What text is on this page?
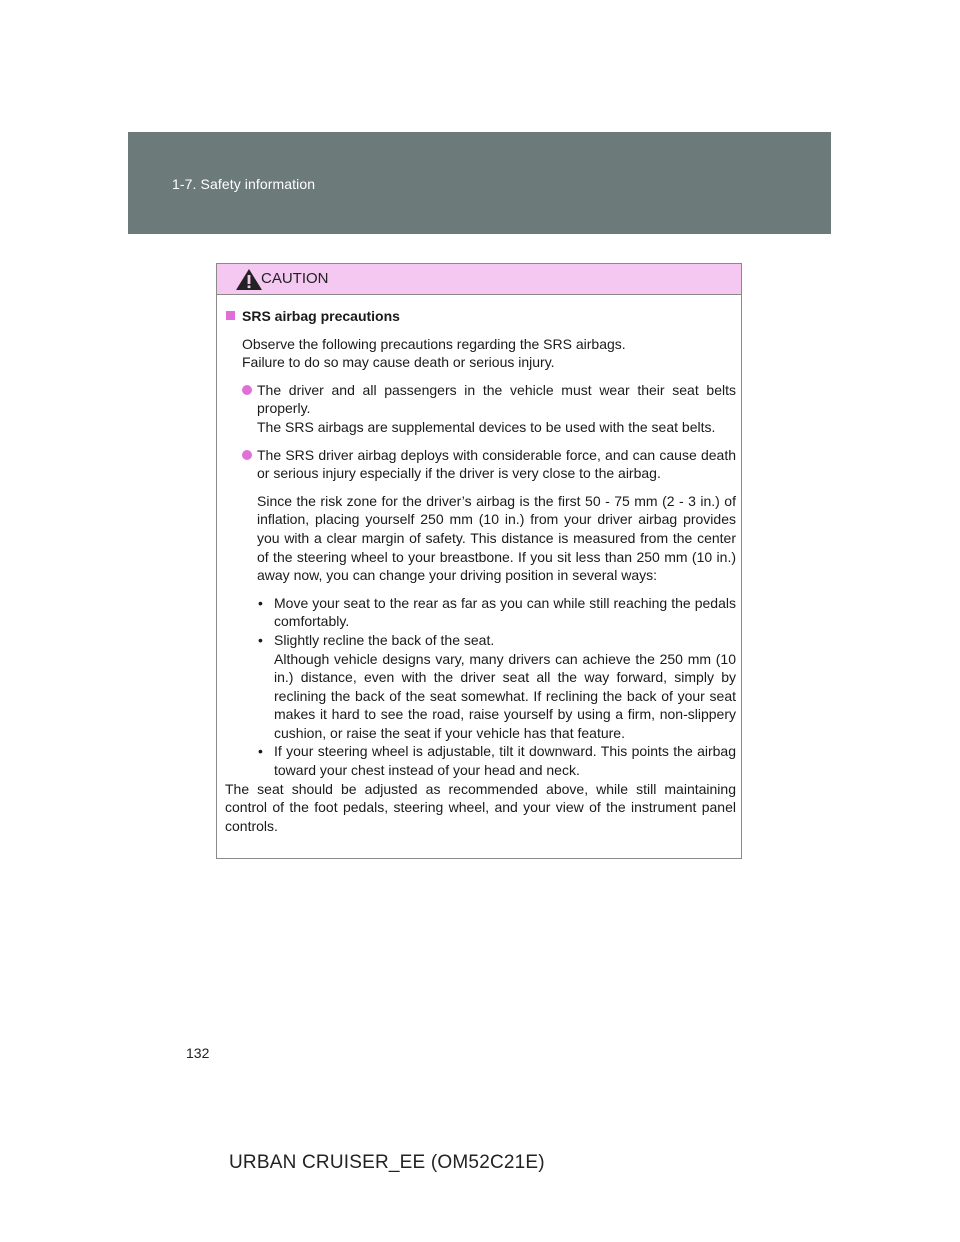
1-7. Safety information
CAUTION
SRS airbag precautions
Observe the following precautions regarding the SRS airbags.
Failure to do so may cause death or serious injury.
The driver and all passengers in the vehicle must wear their seat belts properly.
The SRS airbags are supplemental devices to be used with the seat belts.
The SRS driver airbag deploys with considerable force, and can cause death or serious injury especially if the driver is very close to the airbag.
Since the risk zone for the driver’s airbag is the first 50 - 75 mm (2 - 3 in.) of inflation, placing yourself 250 mm (10 in.) from your driver airbag provides you with a clear margin of safety. This distance is measured from the center of the steering wheel to your breastbone. If you sit less than 250 mm (10 in.) away now, you can change your driving position in several ways:
• Move your seat to the rear as far as you can while still reaching the pedals comfortably.
• Slightly recline the back of the seat.
Although vehicle designs vary, many drivers can achieve the 250 mm (10 in.) distance, even with the driver seat all the way forward, simply by reclining the back of the seat somewhat. If reclining the back of your seat makes it hard to see the road, raise yourself by using a firm, non-slippery cushion, or raise the seat if your vehicle has that feature.
• If your steering wheel is adjustable, tilt it downward. This points the airbag toward your chest instead of your head and neck.
The seat should be adjusted as recommended above, while still maintaining control of the foot pedals, steering wheel, and your view of the instrument panel controls.
132
URBAN CRUISER_EE (OM52C21E)
